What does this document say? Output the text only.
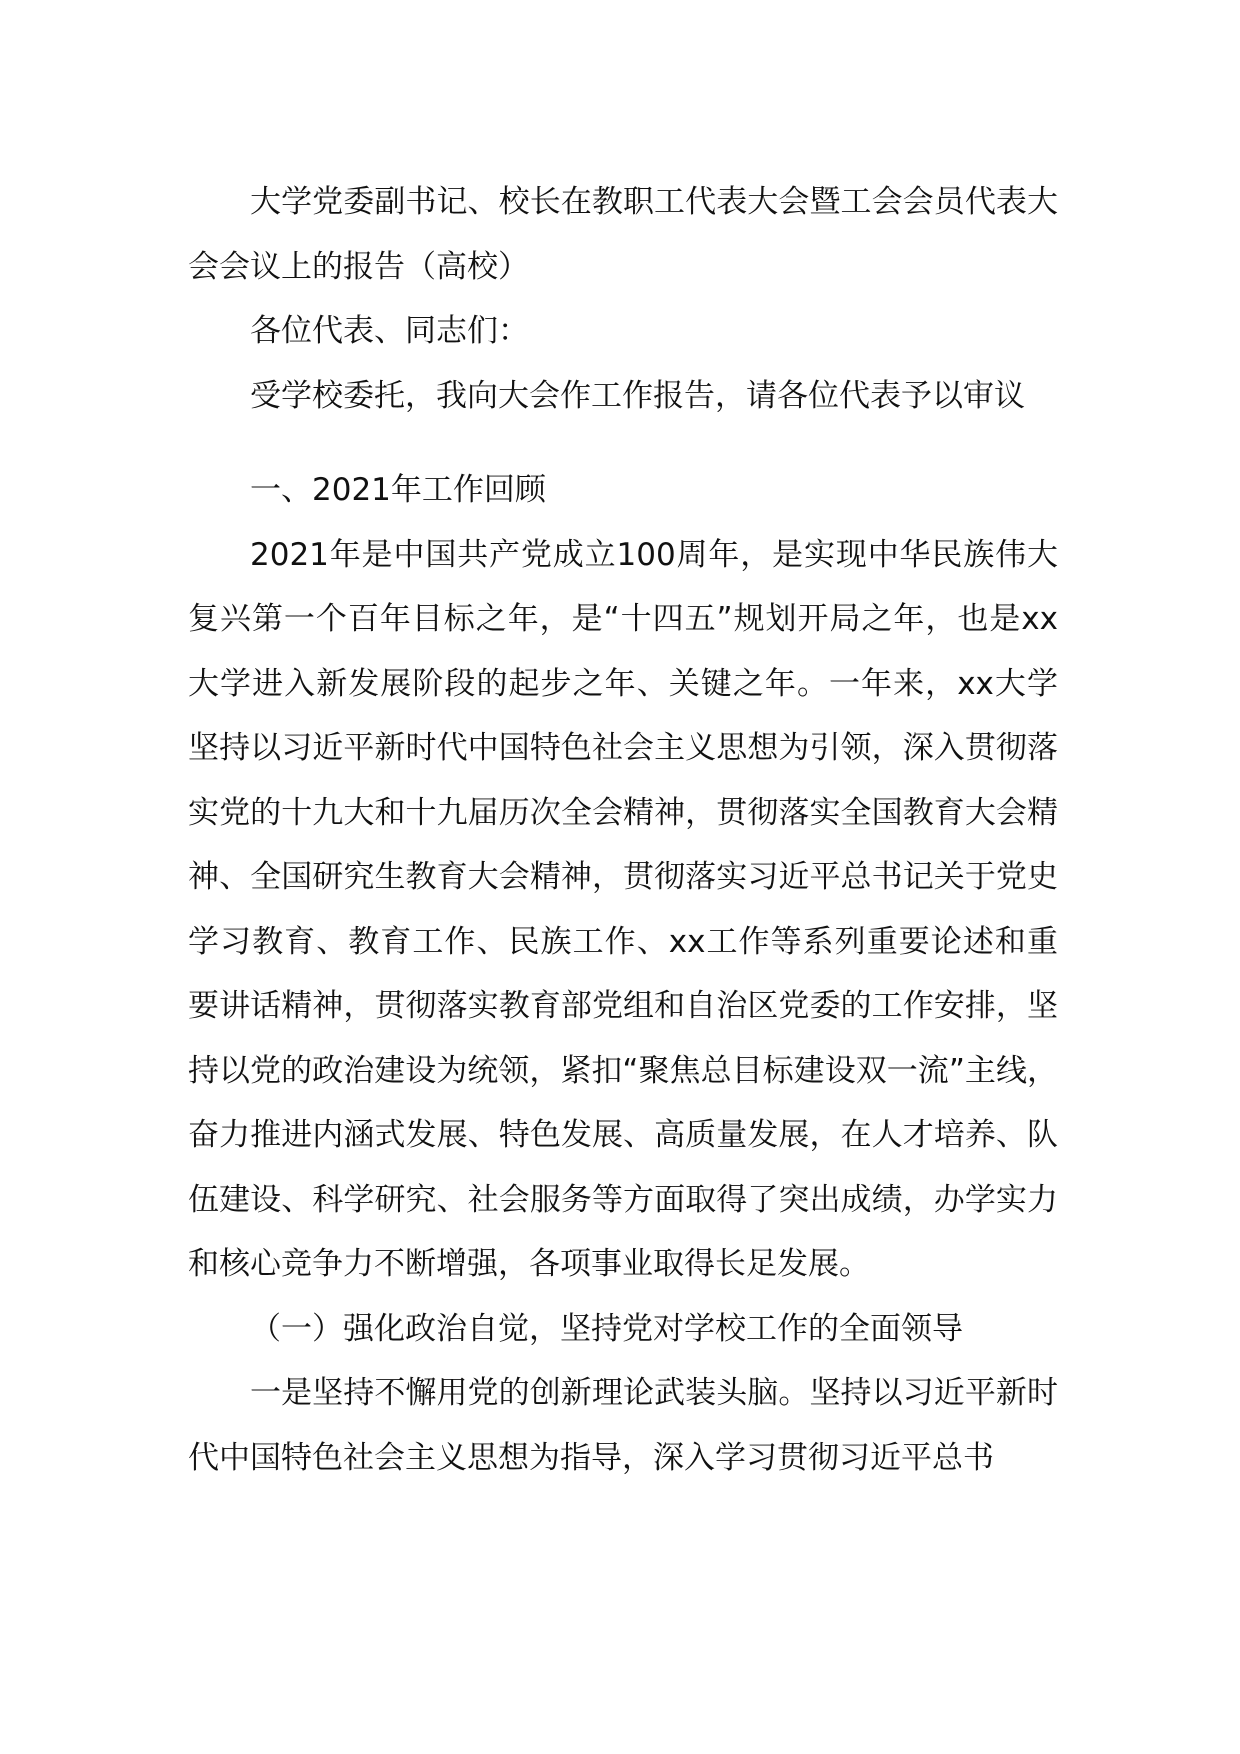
大学党委副书记、校长在教职工代表大会暨工会会员代表大会会议上的报告（高校）

各位代表、同志们：

受学校委托，我向大会作工作报告，请各位代表予以审议

一、2021年工作回顾

2021年是中国共产党成立100周年，是实现中华民族伟大复兴第一个百年目标之年，是“十四五”规划开局之年，也是xx大学进入新发展阶段的起步之年、关键之年。一年来，xx大学坚持以习近平新时代中国特色社会主义思想为引领，深入贯彻落实党的十九大和十九届历次全会精神，贯彻落实全国教育大会精神、全国研究生教育大会精神，贯彻落实习近平总书记关于党史学习教育、教育工作、民族工作、xx工作等系列重要论述和重要讲话精神，贯彻落实教育部党组和自治区党委的工作安排，坚持以党的政治建设为统领，紧扣“聚焦总目标建设双一流”主线，奋力推进内涵式发展、特色发展、高质量发展，在人才培养、队伍建设、科学研究、社会服务等方面取得了突出成绩，办学实力和核心竞争力不断增强，各项事业取得长足发展。

（一）强化政治自觉，坚持党对学校工作的全面领导

一是坚持不懈用党的创新理论武装头脑。坚持以习近平新时代中国特色社会主义思想为指导，深入学习贯彻习近平总书
